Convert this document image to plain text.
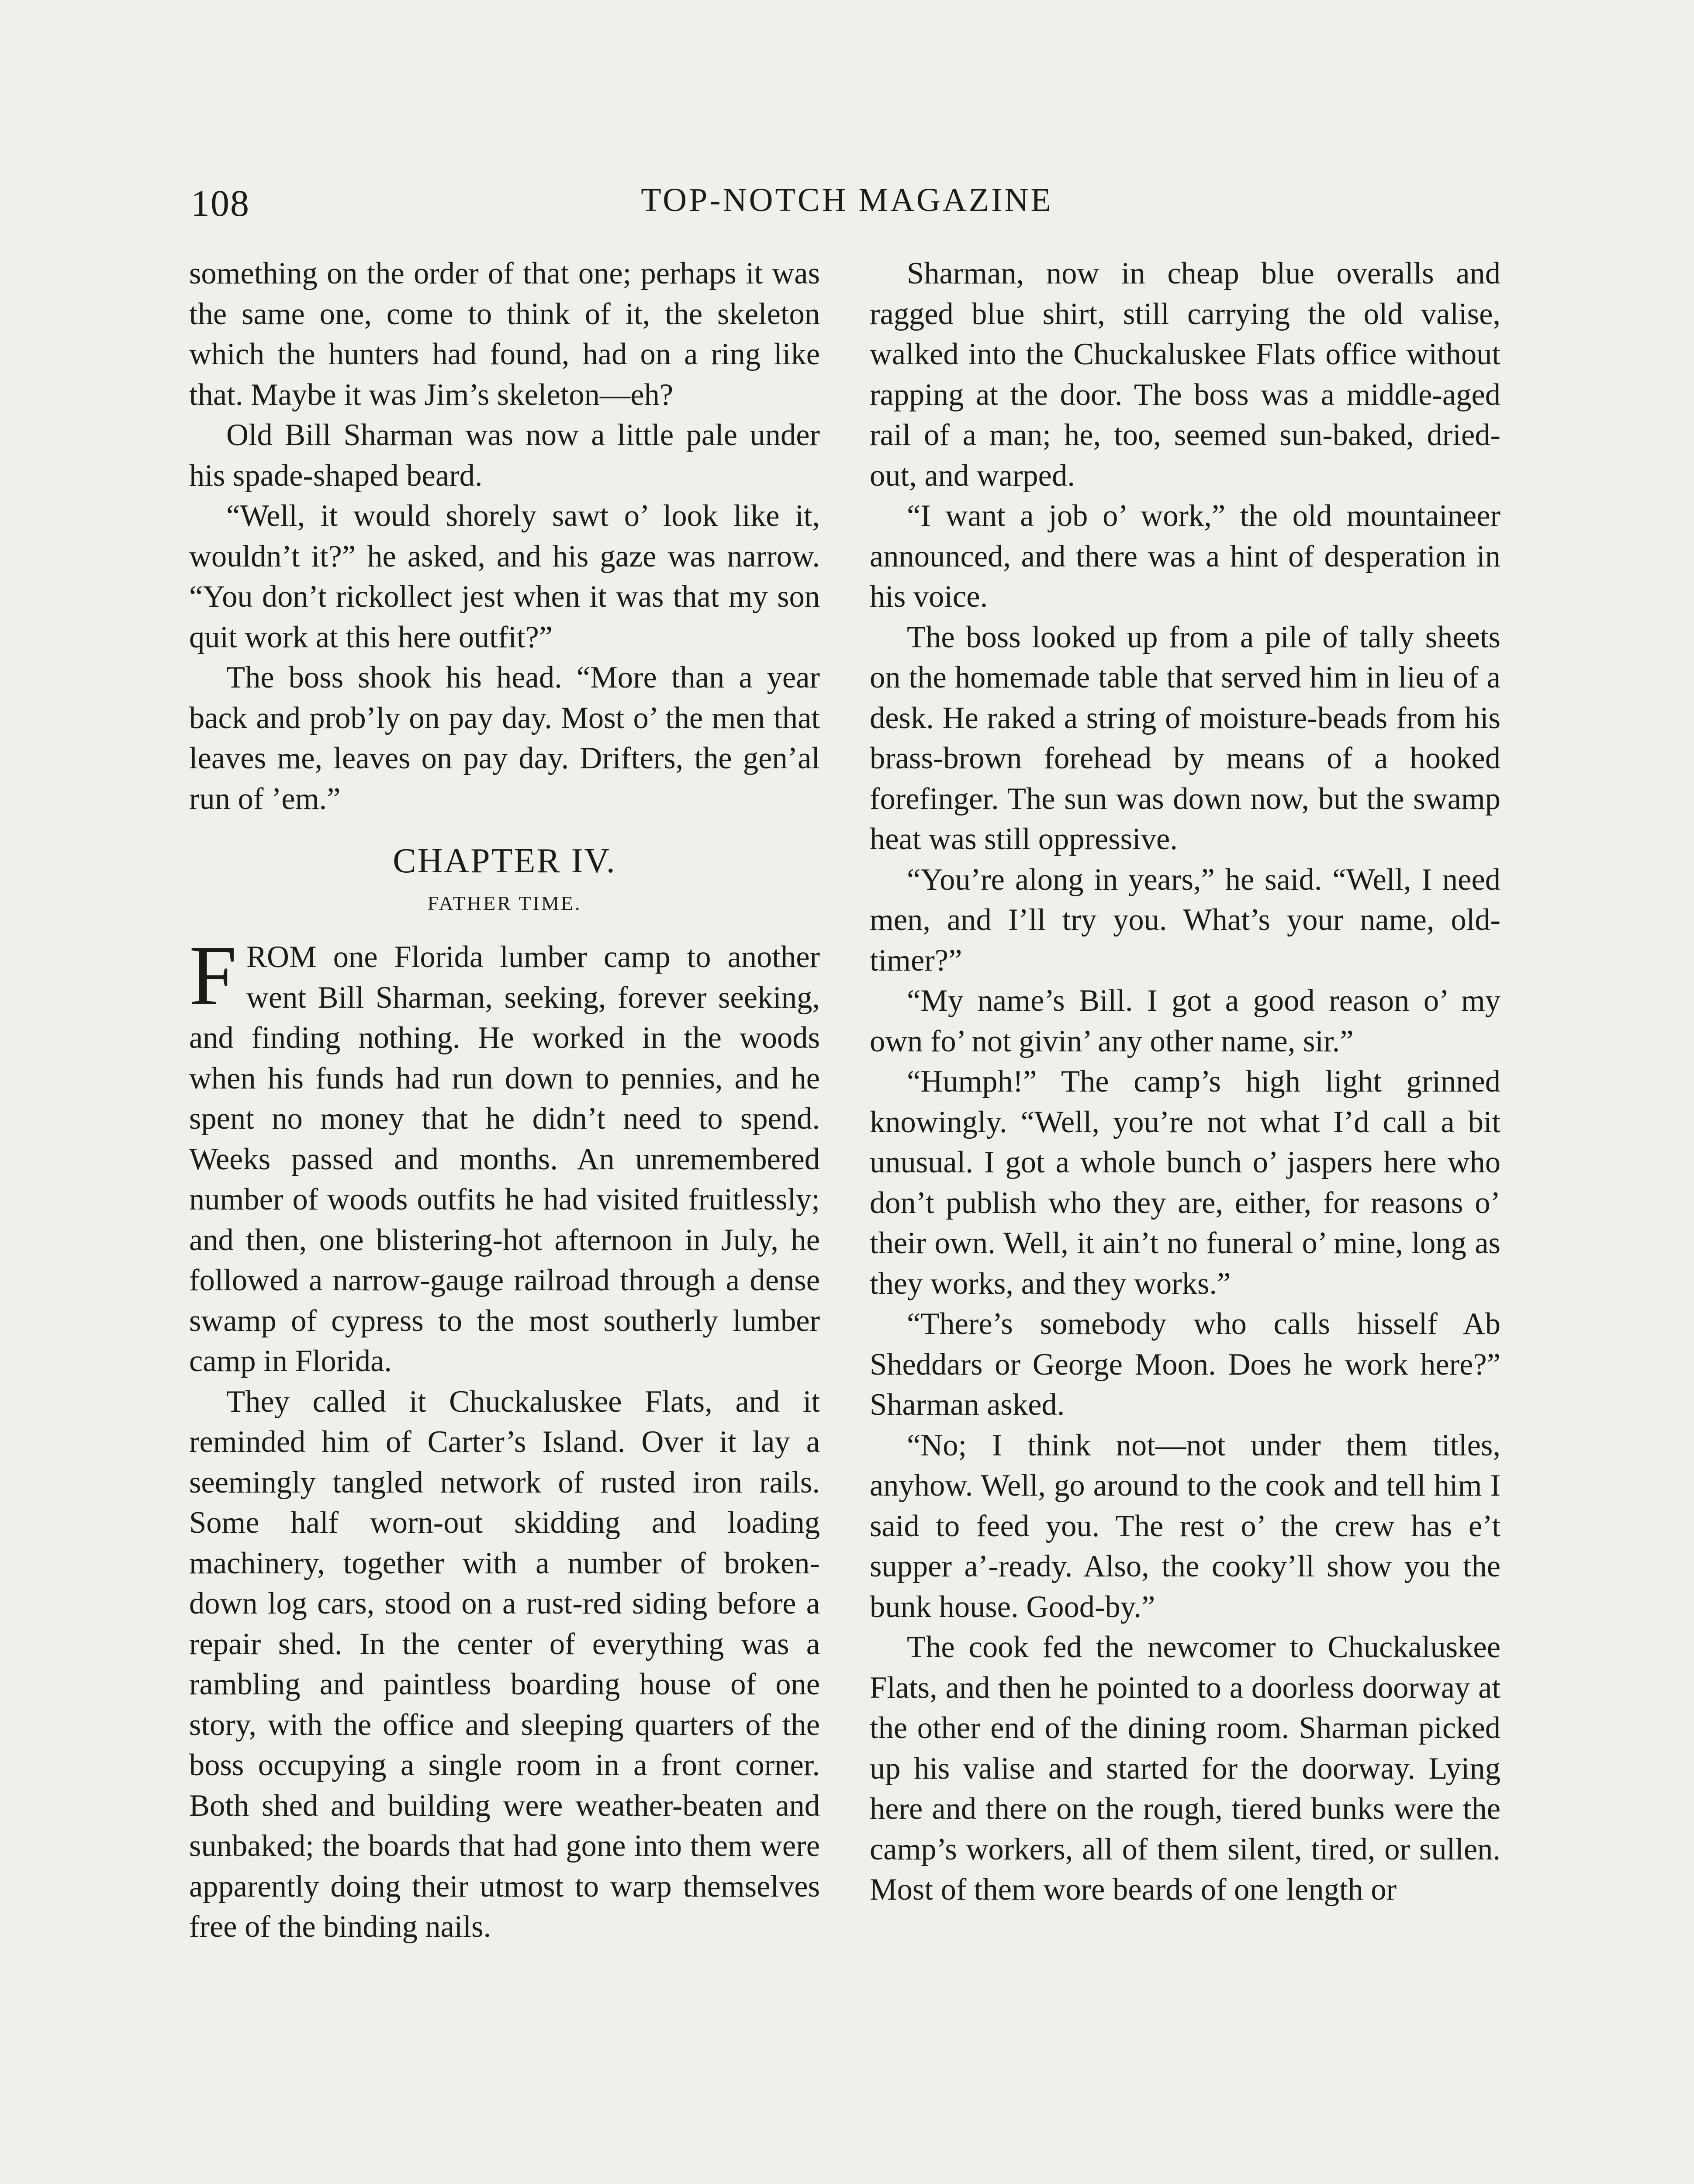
108	TOP-NOTCH MAGAZINE

something on the order of that one; perhaps it was the same one, come to think of it, the skeleton which the hunters had found, had on a ring like that. Maybe it was Jim’s skeleton—eh?

Old Bill Sharman was now a little pale under his spade-shaped beard.

“Well, it would shorely sawt o’ look like it, wouldn’t it?” he asked, and his gaze was narrow. “You don’t rickollect jest when it was that my son quit work at this here outfit?”

The boss shook his head. “More than a year back and prob’ly on pay day. Most o’ the men that leaves me, leaves on pay day. Drifters, the gen’al run of ’em.”

CHAPTER IV.
FATHER TIME.

FROM one Florida lumber camp to another went Bill Sharman, seeking, forever seeking, and finding nothing. He worked in the woods when his funds had run down to pennies, and he spent no money that he didn’t need to spend. Weeks passed and months. An unremembered number of woods outfits he had visited fruitlessly; and then, one blistering-hot afternoon in July, he followed a narrow-gauge railroad through a dense swamp of cypress to the most southerly lumber camp in Florida.

They called it Chuckaluskee Flats, and it reminded him of Carter’s Island. Over it lay a seemingly tangled network of rusted iron rails. Some half worn-out skidding and loading machinery, together with a number of broken-down log cars, stood on a rust-red siding before a repair shed. In the center of everything was a rambling and paintless boarding house of one story, with the office and sleeping quarters of the boss occupying a single room in a front corner. Both shed and building were weather-beaten and sunbaked; the boards that had gone into them were apparently doing their utmost to warp themselves free of the binding nails.

Sharman, now in cheap blue overalls and ragged blue shirt, still carrying the old valise, walked into the Chuckaluskee Flats office without rapping at the door. The boss was a middle-aged rail of a man; he, too, seemed sun-baked, dried-out, and warped.

“I want a job o’ work,” the old mountaineer announced, and there was a hint of desperation in his voice.

The boss looked up from a pile of tally sheets on the homemade table that served him in lieu of a desk. He raked a string of moisture-beads from his brass-brown forehead by means of a hooked forefinger. The sun was down now, but the swamp heat was still oppressive.

“You’re along in years,” he said. “Well, I need men, and I’ll try you. What’s your name, old-timer?”

“My name’s Bill. I got a good reason o’ my own fo’ not givin’ any other name, sir.”

“Humph!” The camp’s high light grinned knowingly. “Well, you’re not what I’d call a bit unusual. I got a whole bunch o’ jaspers here who don’t publish who they are, either, for reasons o’ their own. Well, it ain’t no funeral o’ mine, long as they works, and they works.”

“There’s somebody who calls hisself Ab Sheddars or George Moon. Does he work here?” Sharman asked.

“No; I think not—not under them titles, anyhow. Well, go around to the cook and tell him I said to feed you. The rest o’ the crew has e’t supper a’-ready. Also, the cooky’ll show you the bunk house. Good-by.”

The cook fed the newcomer to Chuckaluskee Flats, and then he pointed to a doorless doorway at the other end of the dining room. Sharman picked up his valise and started for the doorway. Lying here and there on the rough, tiered bunks were the camp’s workers, all of them silent, tired, or sullen. Most of them wore beards of one length or
